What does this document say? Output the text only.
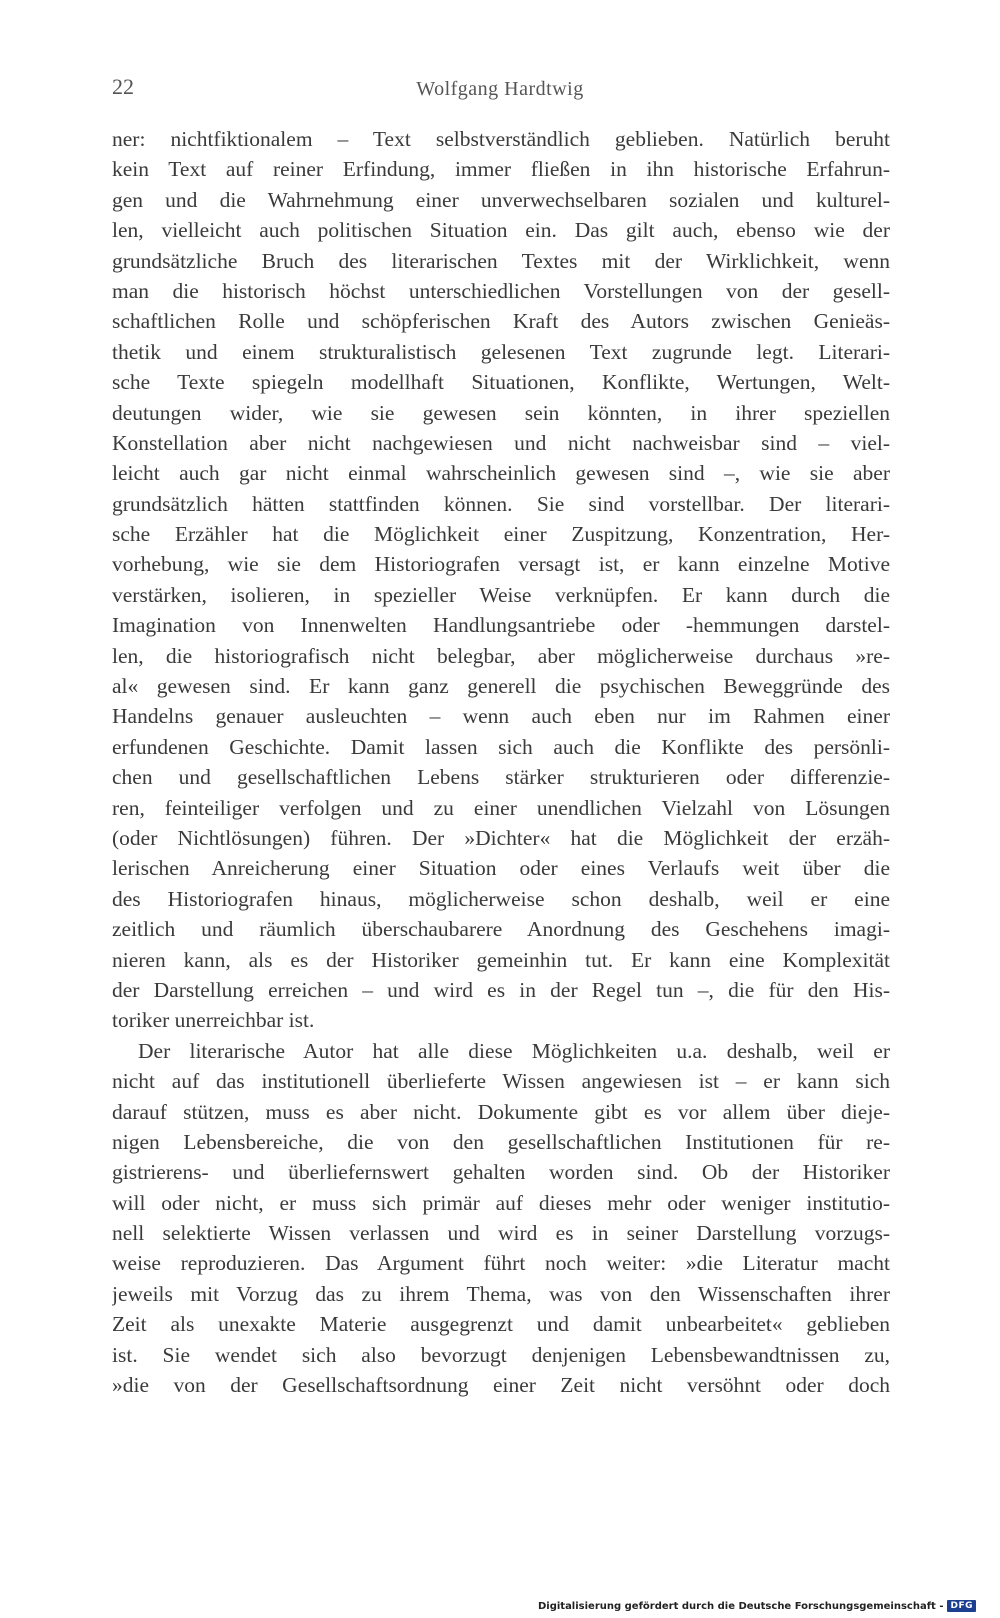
22	Wolfgang Hardtwig
ner: nichtfiktionalem – Text selbstverständlich geblieben. Natürlich beruht
kein Text auf reiner Erfindung, immer fließen in ihn historische Erfahrun-
gen und die Wahrnehmung einer unverwechselbaren sozialen und kulturel-
len, vielleicht auch politischen Situation ein. Das gilt auch, ebenso wie der
grundsätzliche Bruch des literarischen Textes mit der Wirklichkeit, wenn
man die historisch höchst unterschiedlichen Vorstellungen von der gesell-
schaftlichen Rolle und schöpferischen Kraft des Autors zwischen Genieäs-
thetik und einem strukturalistisch gelesenen Text zugrunde legt. Literari-
sche Texte spiegeln modellhaft Situationen, Konflikte, Wertungen, Welt-
deutungen wider, wie sie gewesen sein könnten, in ihrer speziellen
Konstellation aber nicht nachgewiesen und nicht nachweisbar sind – viel-
leicht auch gar nicht einmal wahrscheinlich gewesen sind –, wie sie aber
grundsätzlich hätten stattfinden können. Sie sind vorstellbar. Der literari-
sche Erzähler hat die Möglichkeit einer Zuspitzung, Konzentration, Her-
vorhebung, wie sie dem Historiografen versagt ist, er kann einzelne Motive
verstärken, isolieren, in spezieller Weise verknüpfen. Er kann durch die
Imagination von Innenwelten Handlungsantriebe oder -hemmungen darstel-
len, die historiografisch nicht belegbar, aber möglicherweise durchaus »re-
al« gewesen sind. Er kann ganz generell die psychischen Beweggründe des
Handelns genauer ausleuchten – wenn auch eben nur im Rahmen einer
erfundenen Geschichte. Damit lassen sich auch die Konflikte des persönli-
chen und gesellschaftlichen Lebens stärker strukturieren oder differenzie-
ren, feinteiliger verfolgen und zu einer unendlichen Vielzahl von Lösungen
(oder Nichtlösungen) führen. Der »Dichter« hat die Möglichkeit der erzäh-
lerischen Anreicherung einer Situation oder eines Verlaufs weit über die
des Historiografen hinaus, möglicherweise schon deshalb, weil er eine
zeitlich und räumlich überschaubarere Anordnung des Geschehens imagi-
nieren kann, als es der Historiker gemeinhin tut. Er kann eine Komplexität
der Darstellung erreichen – und wird es in der Regel tun –, die für den His-
toriker unerreichbar ist.
Der literarische Autor hat alle diese Möglichkeiten u.a. deshalb, weil er
nicht auf das institutionell überlieferte Wissen angewiesen ist – er kann sich
darauf stützen, muss es aber nicht. Dokumente gibt es vor allem über dieje-
nigen Lebensbereiche, die von den gesellschaftlichen Institutionen für re-
gistrierens- und überliefernswert gehalten worden sind. Ob der Historiker
will oder nicht, er muss sich primär auf dieses mehr oder weniger institutio-
nell selektierte Wissen verlassen und wird es in seiner Darstellung vorzugs-
weise reproduzieren. Das Argument führt noch weiter: »die Literatur macht
jeweils mit Vorzug das zu ihrem Thema, was von den Wissenschaften ihrer
Zeit als unexakte Materie ausgegrenzt und damit unbearbeitet« geblieben
ist. Sie wendet sich also bevorzugt denjenigen Lebensbewandtnissen zu,
»die von der Gesellschaftsordnung einer Zeit nicht versöhnt oder doch
Digitalisierung gefördert durch die Deutsche Forschungsgemeinschaft - DFG
